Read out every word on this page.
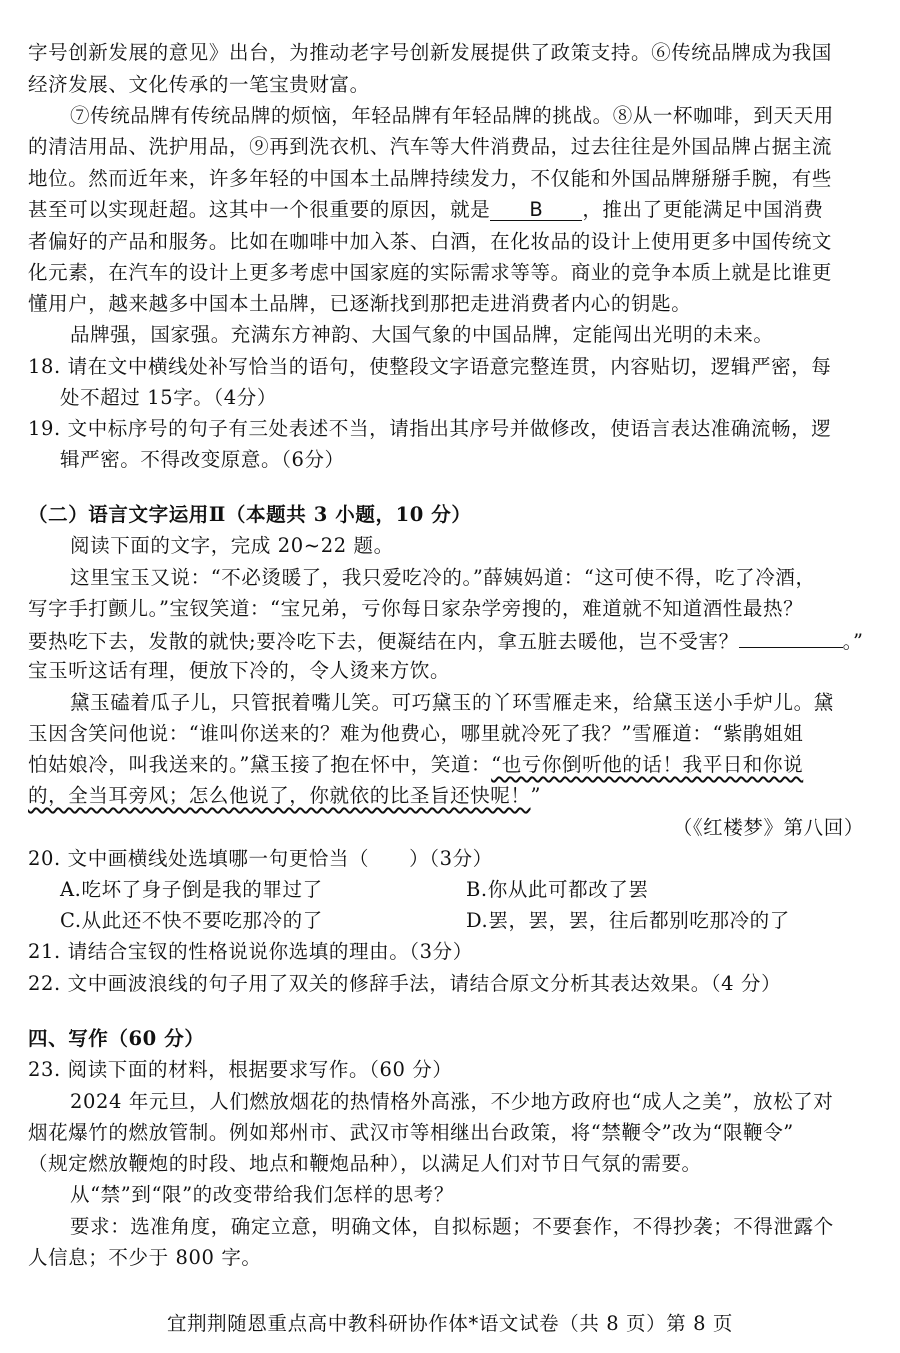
字号创新发展的意见》出台，为推动老字号创新发展提供了政策支持。⑥传统品牌成为我国
经济发展、文化传承的一笔宝贵财富。
⑦传统品牌有传统品牌的烦恼，年轻品牌有年轻品牌的挑战。⑧从一杯咖啡，到天天用
的清洁用品、洗护用品，⑨再到洗衣机、汽车等大件消费品，过去往往是外国品牌占据主流
地位。然而近年来，许多年轻的中国本土品牌持续发力，不仅能和外国品牌掰掰手腕，有些
甚至可以实现赶超。这其中一个很重要的原因，就是 B ，推出了更能满足中国消费
者偏好的产品和服务。比如在咖啡中加入茶、白酒，在化妆品的设计上使用更多中国传统文
化元素，在汽车的设计上更多考虑中国家庭的实际需求等等。商业的竞争本质上就是比谁更
懂用户，越来越多中国本土品牌，已逐渐找到那把走进消费者内心的钥匙。
品牌强，国家强。充满东方神韵、大国气象的中国品牌，定能闯出光明的未来。
18. 请在文中横线处补写恰当的语句，使整段文字语意完整连贯，内容贴切，逻辑严密，每
处不超过 15字。（4分）
19. 文中标序号的句子有三处表述不当，请指出其序号并做修改，使语言表达准确流畅，逻
辑严密。不得改变原意。（6分）
（二）语言文字运用Ⅱ（本题共 3 小题，10 分）
阅读下面的文字，完成 20~22 题。
这里宝玉又说：“不必烫暖了，我只爱吃冷的。”薛姨妈道：“这可使不得，吃了冷酒，
写字手打颤儿。”宝钗笑道：“宝兄弟，亏你每日家杂学旁搜的，难道就不知道酒性最热？
要热吃下去，发散的就快;要冷吃下去，便凝结在内，拿五脏去暖他，岂不受害？	。”
宝玉听这话有理，便放下冷的，令人烫来方饮。
黛玉磕着瓜子儿，只管抿着嘴儿笑。可巧黛玉的丫环雪雁走来，给黛玉送小手炉儿。黛
玉因含笑问他说：“谁叫你送来的？难为他费心，哪里就冷死了我？”雪雁道：“紫鹃姐姐
怕姑娘冷，叫我送来的。”黛玉接了抱在怀中，笑道：“也亏你倒听他的话！我平日和你说
的，全当耳旁风；怎么他说了，你就依的比圣旨还快呢！”
（《红楼梦》第八回）
20. 文中画横线处选填哪一句更恰当（ ）（3分）
A.吃坏了身子倒是我的罪过了	B.你从此可都改了罢
C.从此还不快不要吃那冷的了	D.罢，罢，罢，往后都别吃那冷的了
21. 请结合宝钗的性格说说你选填的理由。（3分）
22. 文中画波浪线的句子用了双关的修辞手法，请结合原文分析其表达效果。（4 分）
四、写作（60 分）
23. 阅读下面的材料，根据要求写作。（60 分）
2024 年元旦，人们燃放烟花的热情格外高涨，不少地方政府也“成人之美”，放松了对
烟花爆竹的燃放管制。例如郑州市、武汉市等相继出台政策，将“禁鞭令”改为“限鞭令”
（规定燃放鞭炮的时段、地点和鞭炮品种），以满足人们对节日气氛的需要。
从“禁”到“限”的改变带给我们怎样的思考？
要求：选准角度，确定立意，明确文体，自拟标题；不要套作，不得抄袭；不得泄露个
人信息；不少于 800 字。
宜荆荆随恩重点高中教科研协作体*语文试卷（共 8 页）第 8 页
